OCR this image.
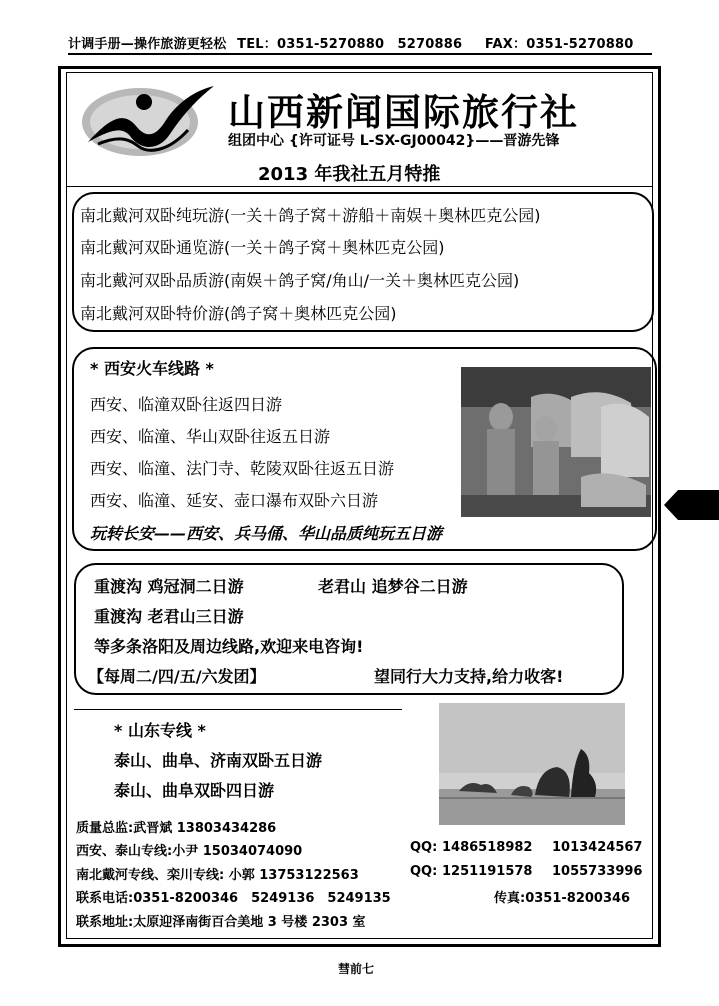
计调手册—操作旅游更轻松 TEL：0351-5270880　5270886 FAX：0351-5270880
山西新闻国际旅行社
组团中心 {许可证号 L-SX-GJ00042}——晋游先锋
2013 年我社五月特推
南北戴河双卧纯玩游(一关＋鸽子窝＋游船＋南娱＋奥林匹克公园)
南北戴河双卧通览游(一关＋鸽子窝＋奥林匹克公园)
南北戴河双卧品质游(南娱＋鸽子窝/角山/一关＋奥林匹克公园)
南北戴河双卧特价游(鸽子窝＋奥林匹克公园)
* 西安火车线路 *
西安、临潼双卧往返四日游
西安、临潼、华山双卧往返五日游
西安、临潼、法门寺、乾陵双卧往返五日游
西安、临潼、延安、壶口瀑布双卧六日游
玩转长安——西安、兵马俑、华山品质纯玩五日游
重渡沟 鸡冠洞二日游	老君山 追梦谷二日游
重渡沟 老君山三日游
等多条洛阳及周边线路,欢迎来电咨询!
【每周二/四/五/六发团】	望同行大力支持,给力收客!
* 山东专线 *
泰山、曲阜、济南双卧五日游
泰山、曲阜双卧四日游
质量总监:武晋斌 13803434286
西安、泰山专线:小尹 15034074090	QQ: 1486518982 1013424567
南北戴河专线、栾川专线: 小郭 13753122563	QQ: 1251191578 1055733996
联系电话:0351-8200346　5249136　5249135	传真:0351-8200346
联系地址:太原迎泽南街百合美地 3 号楼 2303 室
彗前七
